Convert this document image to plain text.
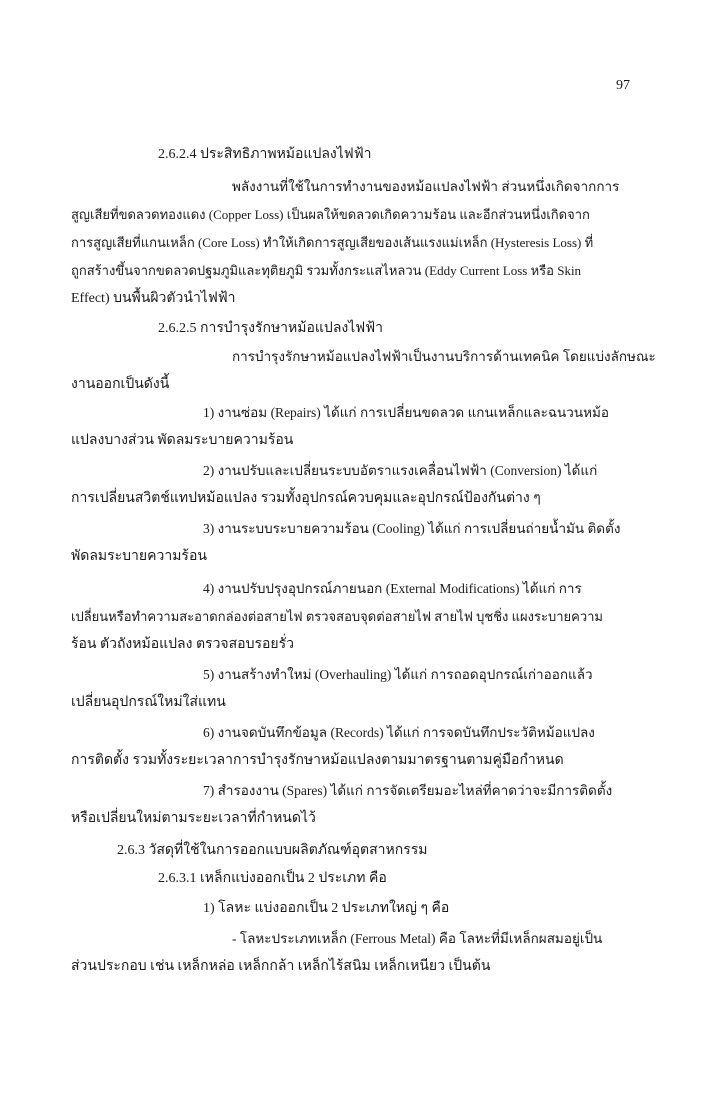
97
2.6.2.4 ประสิทธิภาพหม้อแปลงไฟฟ้า
พลังงานที่ใช้ในการทำงานของหม้อแปลงไฟฟ้า ส่วนหนึ่งเกิดจากการ
สูญเสียที่ขดลวดทองแดง (Copper Loss) เป็นผลให้ขดลวดเกิดความร้อน และอีกส่วนหนึ่งเกิดจาก
การสูญเสียที่แกนเหล็ก (Core Loss) ทำให้เกิดการสูญเสียของเส้นแรงแม่เหล็ก (Hysteresis Loss) ที่
ถูกสร้างขึ้นจากขดลวดปฐมภูมิและทุติยภูมิ รวมทั้งกระแสไหลวน (Eddy Current Loss หรือ Skin
Effect) บนพื้นผิวตัวนำไฟฟ้า
2.6.2.5 การบำรุงรักษาหม้อแปลงไฟฟ้า
การบำรุงรักษาหม้อแปลงไฟฟ้าเป็นงานบริการด้านเทคนิค โดยแบ่งลักษณะ
งานออกเป็นดังนี้
1) งานซ่อม (Repairs) ได้แก่ การเปลี่ยนขดลวด แกนเหล็กและฉนวนหม้อ
แปลงบางส่วน พัดลมระบายความร้อน
2) งานปรับและเปลี่ยนระบบอัตราแรงเคลื่อนไฟฟ้า (Conversion) ได้แก่
การเปลี่ยนสวิตช์แทปหม้อแปลง รวมทั้งอุปกรณ์ควบคุมและอุปกรณ์ป้องกันต่าง ๆ
3) งานระบบระบายความร้อน (Cooling) ได้แก่ การเปลี่ยนถ่ายน้ำมัน ติดตั้ง
พัดลมระบายความร้อน
4) งานปรับปรุงอุปกรณ์ภายนอก (External Modifications) ได้แก่ การ
เปลี่ยนหรือทำความสะอาดกล่องต่อสายไฟ ตรวจสอบจุดต่อสายไฟ สายไฟ บุชชิ่ง แผงระบายความ
ร้อน ตัวถังหม้อแปลง ตรวจสอบรอยรั่ว
5) งานสร้างทำใหม่ (Overhauling) ได้แก่ การถอดอุปกรณ์เก่าออกแล้ว
เปลี่ยนอุปกรณ์ใหม่ใส่แทน
6) งานจดบันทึกข้อมูล (Records) ได้แก่ การจดบันทึกประวัติหม้อแปลง
การติดตั้ง รวมทั้งระยะเวลาการบำรุงรักษาหม้อแปลงตามมาตรฐานตามคู่มือกำหนด
7) สำรองงาน (Spares) ได้แก่ การจัดเตรียมอะไหล่ที่คาดว่าจะมีการติดตั้ง
หรือเปลี่ยนใหม่ตามระยะเวลาที่กำหนดไว้
2.6.3 วัสดุที่ใช้ในการออกแบบผลิตภัณฑ์อุตสาหกรรม
2.6.3.1 เหล็กแบ่งออกเป็น 2 ประเภท คือ
1) โลหะ แบ่งออกเป็น 2 ประเภทใหญ่ ๆ คือ
- โลหะประเภทเหล็ก (Ferrous Metal) คือ โลหะที่มีเหล็กผสมอยู่เป็น
ส่วนประกอบ เช่น เหล็กหล่อ เหล็กกล้า เหล็กไร้สนิม เหล็กเหนียว เป็นต้น
